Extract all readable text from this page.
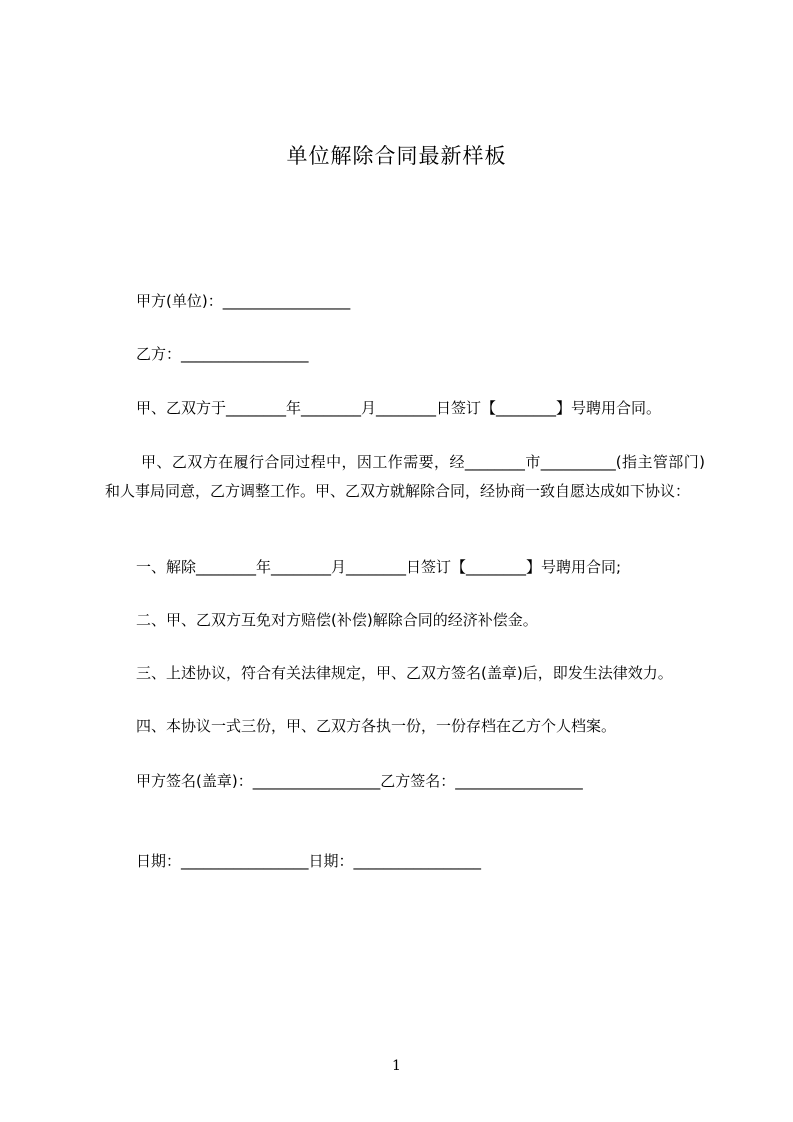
单位解除合同最新样板
甲方(单位)：_________________
乙方：_________________
甲、乙双方于________年________月________日签订【________】号聘用合同。
甲、乙双方在履行合同过程中，因工作需要，经________市__________(指主管部门)和人事局同意，乙方调整工作。甲、乙双方就解除合同，经协商一致自愿达成如下协议：
一、解除________年________月________日签订【________】号聘用合同;
二、甲、乙双方互免对方赔偿(补偿)解除合同的经济补偿金。
三、上述协议，符合有关法律规定，甲、乙双方签名(盖章)后，即发生法律效力。
四、本协议一式三份，甲、乙双方各执一份，一份存档在乙方个人档案。
甲方签名(盖章)：_________________乙方签名：_________________
日期：_________________日期：_________________
1
